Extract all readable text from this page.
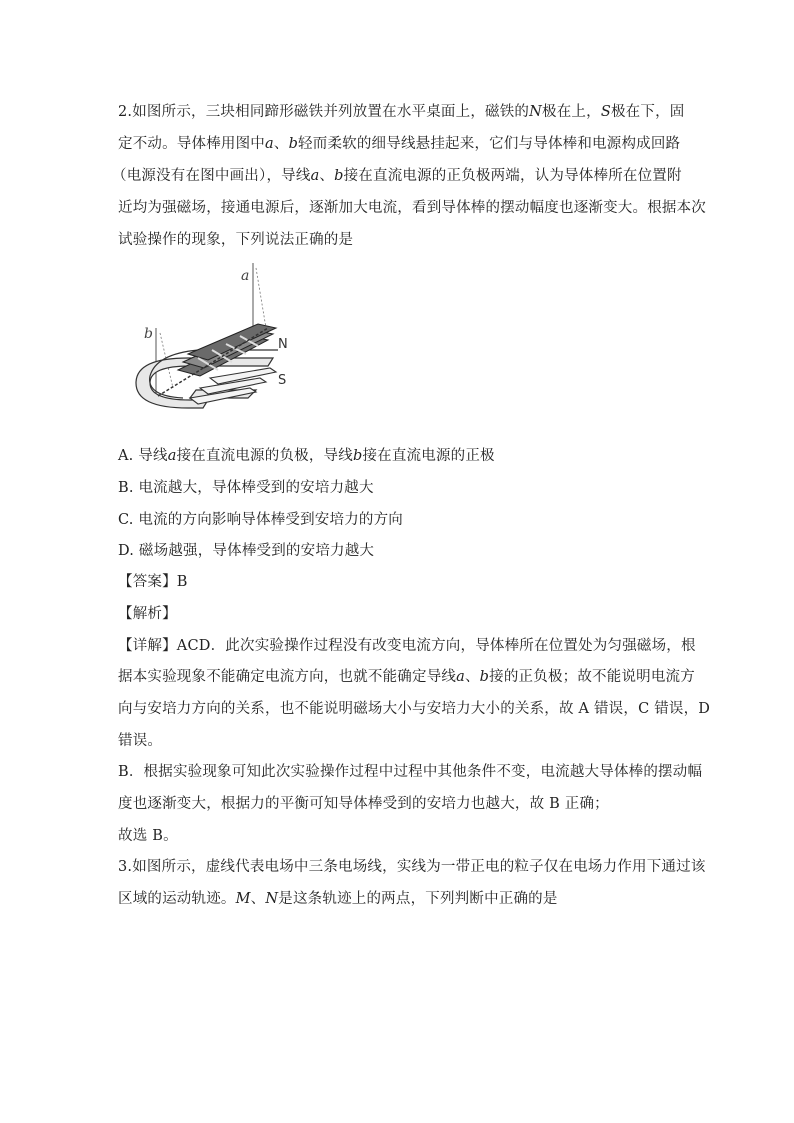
2.如图所示，三块相同蹄形磁铁并列放置在水平桌面上，磁铁的N极在上，S极在下，固
定不动。导体棒用图中a、b轻而柔软的细导线悬挂起来，它们与导体棒和电源构成回路
（电源没有在图中画出），导线a、b接在直流电源的正负极两端，认为导体棒所在位置附
近均为强磁场，接通电源后，逐渐加大电流，看到导体棒的摆动幅度也逐渐变大。根据本次
试验操作的现象，下列说法正确的是
a
b
N
S
A. 导线a接在直流电源的负极，导线b接在直流电源的正极
B. 电流越大，导体棒受到的安培力越大
C. 电流的方向影响导体棒受到安培力的方向
D. 磁场越强，导体棒受到的安培力越大
【答案】B
【解析】
【详解】ACD．此次实验操作过程没有改变电流方向，导体棒所在位置处为匀强磁场，根
据本实验现象不能确定电流方向，也就不能确定导线a、b接的正负极；故不能说明电流方
向与安培力方向的关系，也不能说明磁场大小与安培力大小的关系，故 A 错误，C 错误，D
错误。
B．根据实验现象可知此次实验操作过程中过程中其他条件不变，电流越大导体棒的摆动幅
度也逐渐变大，根据力的平衡可知导体棒受到的安培力也越大，故 B 正确；
故选 B。
3.如图所示，虚线代表电场中三条电场线，实线为一带正电的粒子仅在电场力作用下通过该
区域的运动轨迹。M、N是这条轨迹上的两点，下列判断中正确的是
